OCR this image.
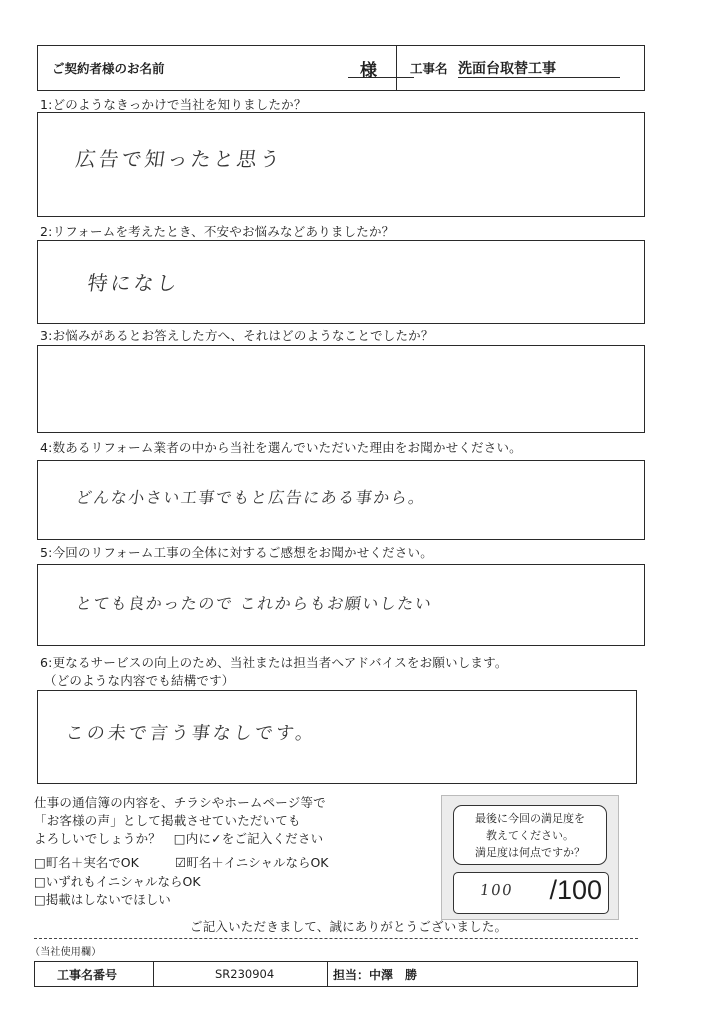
ご契約者様のお名前	様	工事名 洗面台取替工事
1:どのようなきっかけで当社を知りましたか？
広告で知ったと思う
2:リフォームを考えたとき、不安やお悩みなどありましたか？
特になし
3:お悩みがあるとお答えした方へ、それはどのようなことでしたか？
4:数あるリフォーム業者の中から当社を選んでいただいた理由をお聞かせください。
どんな小さい工事でもと広告にある事から。
5:今回のリフォーム工事の全体に対するご感想をお聞かせください。
とても良かったので これからもお願いしたい
6:更なるサービスの向上のため、当社または担当者へアドバイスをお願いします。
（どのような内容でも結構です）
この未で言う事なしです。
仕事の通信簿の内容を、チラシやホームページ等で
「お客様の声」として掲載させていただいても
よろしいでしょうか？　□内に✓をご記入ください
□町名＋実名でOK	☑町名＋イニシャルならOK
□いずれもイニシャルならOK
□掲載はしないでほしい
最後に今回の満足度を
教えてください。
満足度は何点ですか？
100 /100
ご記入いただきまして、誠にありがとうございました。
（当社使用欄）
工事名番号	SR230904	担当：中澤　勝
